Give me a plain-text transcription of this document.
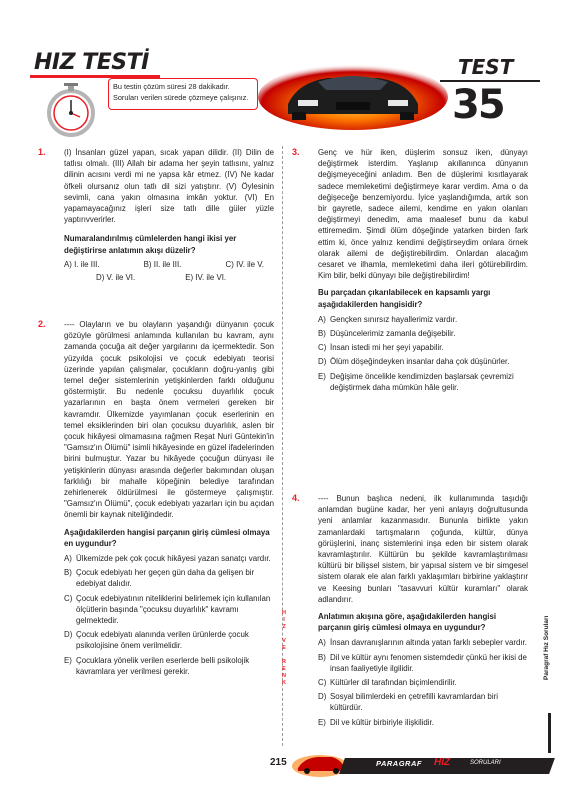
HIZ TESTİ
Bu testin çözüm süresi 28 dakikadır.
Soruları verilen sürede çözmeye çalışınız.
TEST
35
1. (I) İnsanları güzel yapan, sıcak yapan dilidir. (II) Dilin de tatlısı olmalı. (III) Allah bir adama her şeyin tatlısını, yalnız dilinin acısını verdi mi ne yapsa kâr etmez. (IV) Ne kadar öfkeli olursanız olun tatlı dil sizi yatıştırır. (V) Öylesinin sevimli, cana yakın olmasına imkân yoktur. (VI) En yapamayacağınız işleri size tatlı dille güler yüzle yaptırıvverirler.
Numaralandırılmış cümlelerden hangi ikisi yer değiştirirse anlatımın akışı düzelir?
A) I. ile III.	B) II. ile III.	C) IV. ile V.
D) V. ile VI.	E) IV. ile VI.
2. ---- Olayların ve bu olayların yaşandığı dünyanın çocuk gözüyle görülmesi anlamında kullanılan bu kavram, aynı zamanda çocuğa ait değer yargılarını da içermektedir. Son yüzyılda çocuk psikolojisi ve çocuk edebiyatı teorisi üzerinde yapılan çalışmalar, çocukların doğru-yanlış gibi temel değer sistemlerinin yetişkinlerden farklı olduğunu göstermiştir. Bu nedenle çocuksu duyarlılık çocuk yazarlarının en başta önem vermeleri gereken bir kavramdır. Ülkemizde yayımlanan çocuk eserlerinin en temel eksiklerinden biri olan çocuksu duyarlılık, aslen bir çocuk hikâyesi olmamasına rağmen Reşat Nuri Güntekin'in "Gamsız'ın Ölümü" isimli hikâyesinde en güzel ifadelerinden birini bulmuştur. Yazar bu hikâyede çocuğun dünyası ile yetişkinlerin dünyası arasında değerler bakımından oluşan farklılığı bir mahalle köpeğinin belediye tarafından zehirlenerek öldürülmesi ile göstermeye çalışmıştır. "Gamsız'ın Ölümü", çocuk edebiyatı yazarları için bu açıdan önemli bir kaynak niteliğindedir.
Aşağıdakilerden hangisi parçanın giriş cümlesi olmaya en uygundur?
A) Ülkemizde pek çok çocuk hikâyesi yazan sanatçı vardır.
B) Çocuk edebiyatı her geçen gün daha da gelişen bir edebiyat dalıdır.
C) Çocuk edebiyatının niteliklerini belirlemek için kullanılan ölçütlerin başında "çocuksu duyarlılık" kavramı gelmektedir.
D) Çocuk edebiyatı alanında verilen ürünlerde çocuk psikolojisine önem verilmelidir.
E) Çocuklara yönelik verilen eserlerde belli psikolojik kavramlara yer verilmesi gerekir.
3. Genç ve hür iken, düşlerim sonsuz iken, dünyayı değiştirmek isterdim. Yaşlanıp akıllanınca dünyanın değişmeyeceğini anladım. Ben de düşlerimi kısıtlayarak sadece memleketimi değiştirmeye karar verdim. Ama o da değişeceğe benzemiyordu. İyice yaşlandığımda, artık son bir gayretle, sadece ailemi, kendime en yakın olanları değiştirmeyi denedim, ama maalesef bunu da kabul ettiremedim. Şimdi ölüm döşeğinde yatarken birden fark ettim ki, önce yalnız kendimi değiştirseydim onlara örnek olarak ailemi de değiştirebilirdim. Onlardan alacağım cesaret ve ilhamla, memleketimi daha ileri götürebilirdim. Kim bilir, belki dünyayı bile değiştirebilirdim!
Bu parçadan çıkarılabilecek en kapsamlı yargı aşağıdakilerden hangisidir?
A) Gençken sınırsız hayallerimiz vardır.
B) Düşüncelerimiz zamanla değişebilir.
C) İnsan istedi mi her şeyi yapabilir.
D) Ölüm döşeğindeyken insanlar daha çok düşünürler.
E) Değişime öncelikle kendimizden başlarsak çevremizi değiştirmek daha mümkün hâle gelir.
4. ---- Bunun başlıca nedeni, ilk kullanımında taşıdığı anlamdan bugüne kadar, her yeni anlayış doğrultusunda yeni anlamlar kazanmasıdır. Bununla birlikte yakın zamanlardaki tartışmaların çoğunda, kültür, dünya görüşlerini, inanç sistemlerini inşa eden bir sistem olarak kavramlaştırılır. Kültürün bu şekilde kavramlaştırılması kültürü bir bilişsel sistem, bir yapısal sistem ve bir simgesel sistem olarak ele alan farklı yaklaşımları birbirine yaklaştırır ve Keesing bunları "tasavvuri kültür kuramları" olarak adlandırır.
Anlatımın akışına göre, aşağıdakilerden hangisi parçanın giriş cümlesi olmaya en uygundur?
A) İnsan davranışlarının altında yatan farklı sebepler vardır.
B) Dil ve kültür aynı fenomen sistemdedir çünkü her ikisi de insan faaliyetiyle ilgilidir.
C) Kültürler dil tarafından biçimlendirilir.
D) Sosyal bilimlerdeki en çetrefilli kavramlardan biri kültürdür.
E) Dil ve kültür birbiriyle ilişkilidir.
H
I
Z

V
E

R
E
N
K
Paragraf Hız Soruları
215	PARAGRAF HIZ	SORULARI
